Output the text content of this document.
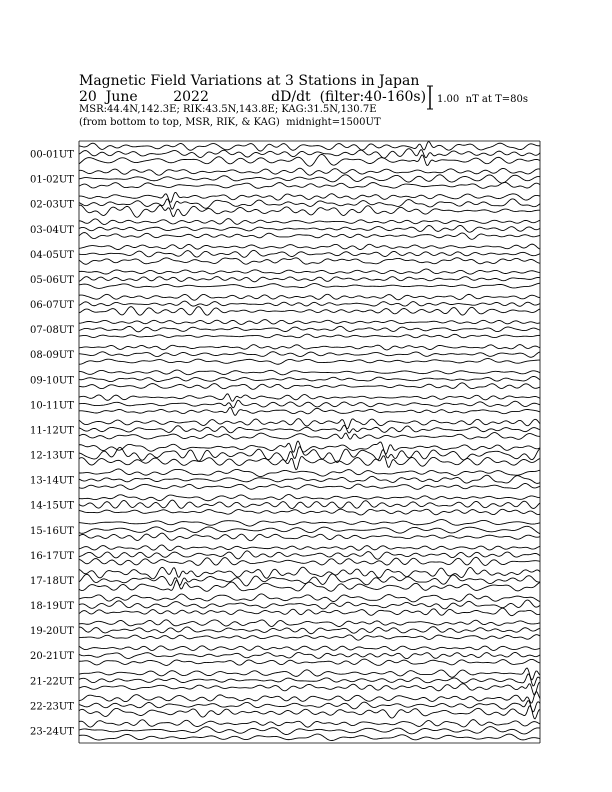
Magnetic Field Variations at 3 Stations in Japan
20  June        2022              dD/dt  (filter:40-160s)
MSR:44.4N,142.3E; RIK:43.5N,143.8E; KAG:31.5N,130.7E
(from bottom to top, MSR, RIK, & KAG)  midnight=1500UT
1.00  nT at T=80s
00-01UT
01-02UT
02-03UT
03-04UT
04-05UT
05-06UT
06-07UT
07-08UT
08-09UT
09-10UT
10-11UT
11-12UT
12-13UT
13-14UT
14-15UT
15-16UT
16-17UT
17-18UT
18-19UT
19-20UT
20-21UT
21-22UT
22-23UT
23-24UT
